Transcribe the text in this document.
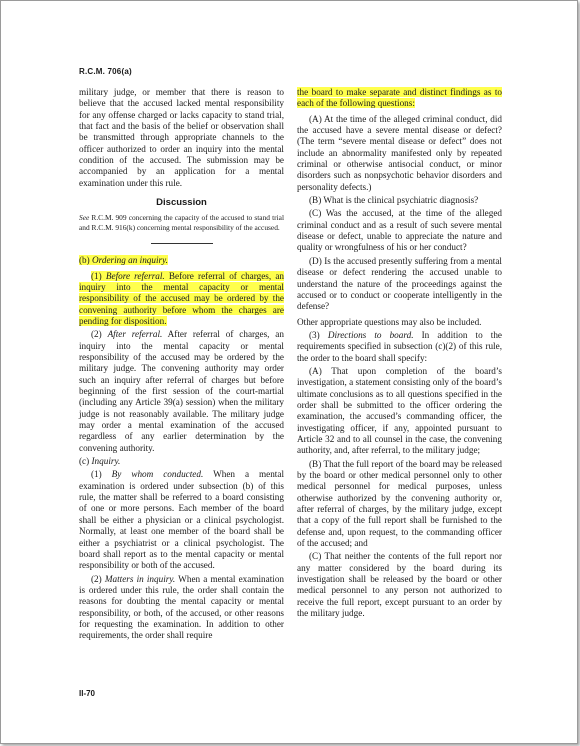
R.C.M. 706(a)

military judge, or member that there is reason to believe that the accused lacked mental responsibility for any offense charged or lacks capacity to stand trial, that fact and the basis of the belief or observation shall be transmitted through appropriate channels to the officer authorized to order an inquiry into the mental condition of the accused. The submission may be accompanied by an application for a mental examination under this rule.

Discussion

See R.C.M. 909 concerning the capacity of the accused to stand trial and R.C.M. 916(k) concerning mental responsibility of the accused.

(b) Ordering an inquiry.

(1) Before referral. Before referral of charges, an inquiry into the mental capacity or mental responsibility of the accused may be ordered by the convening authority before whom the charges are pending for disposition.

(2) After referral. After referral of charges, an inquiry into the mental capacity or mental responsibility of the accused may be ordered by the military judge. The convening authority may order such an inquiry after referral of charges but before beginning of the first session of the court-martial (including any Article 39(a) session) when the military judge is not reasonably available. The military judge may order a mental examination of the accused regardless of any earlier determination by the convening authority.

(c) Inquiry.

(1) By whom conducted. When a mental examination is ordered under subsection (b) of this rule, the matter shall be referred to a board consisting of one or more persons. Each member of the board shall be either a physician or a clinical psychologist. Normally, at least one member of the board shall be either a psychiatrist or a clinical psychologist. The board shall report as to the mental capacity or mental responsibility or both of the accused.

(2) Matters in inquiry. When a mental examination is ordered under this rule, the order shall contain the reasons for doubting the mental capacity or mental responsibility, or both, of the accused, or other reasons for requesting the examination. In addition to other requirements, the order shall require

the board to make separate and distinct findings as to each of the following questions:

(A) At the time of the alleged criminal conduct, did the accused have a severe mental disease or defect? (The term “severe mental disease or defect” does not include an abnormality manifested only by repeated criminal or otherwise antisocial conduct, or minor disorders such as nonpsychotic behavior disorders and personality defects.)

(B) What is the clinical psychiatric diagnosis?

(C) Was the accused, at the time of the alleged criminal conduct and as a result of such severe mental disease or defect, unable to appreciate the nature and quality or wrongfulness of his or her conduct?

(D) Is the accused presently suffering from a mental disease or defect rendering the accused unable to understand the nature of the proceedings against the accused or to conduct or cooperate intelligently in the defense?

Other appropriate questions may also be included.

(3) Directions to board. In addition to the requirements specified in subsection (c)(2) of this rule, the order to the board shall specify:

(A) That upon completion of the board’s investigation, a statement consisting only of the board’s ultimate conclusions as to all questions specified in the order shall be submitted to the officer ordering the examination, the accused’s commanding officer, the investigating officer, if any, appointed pursuant to Article 32 and to all counsel in the case, the convening authority, and, after referral, to the military judge;

(B) That the full report of the board may be released by the board or other medical personnel only to other medical personnel for medical purposes, unless otherwise authorized by the convening authority or, after referral of charges, by the military judge, except that a copy of the full report shall be furnished to the defense and, upon request, to the commanding officer of the accused; and

(C) That neither the contents of the full report nor any matter considered by the board during its investigation shall be released by the board or other medical personnel to any person not authorized to receive the full report, except pursuant to an order by the military judge.

II-70
